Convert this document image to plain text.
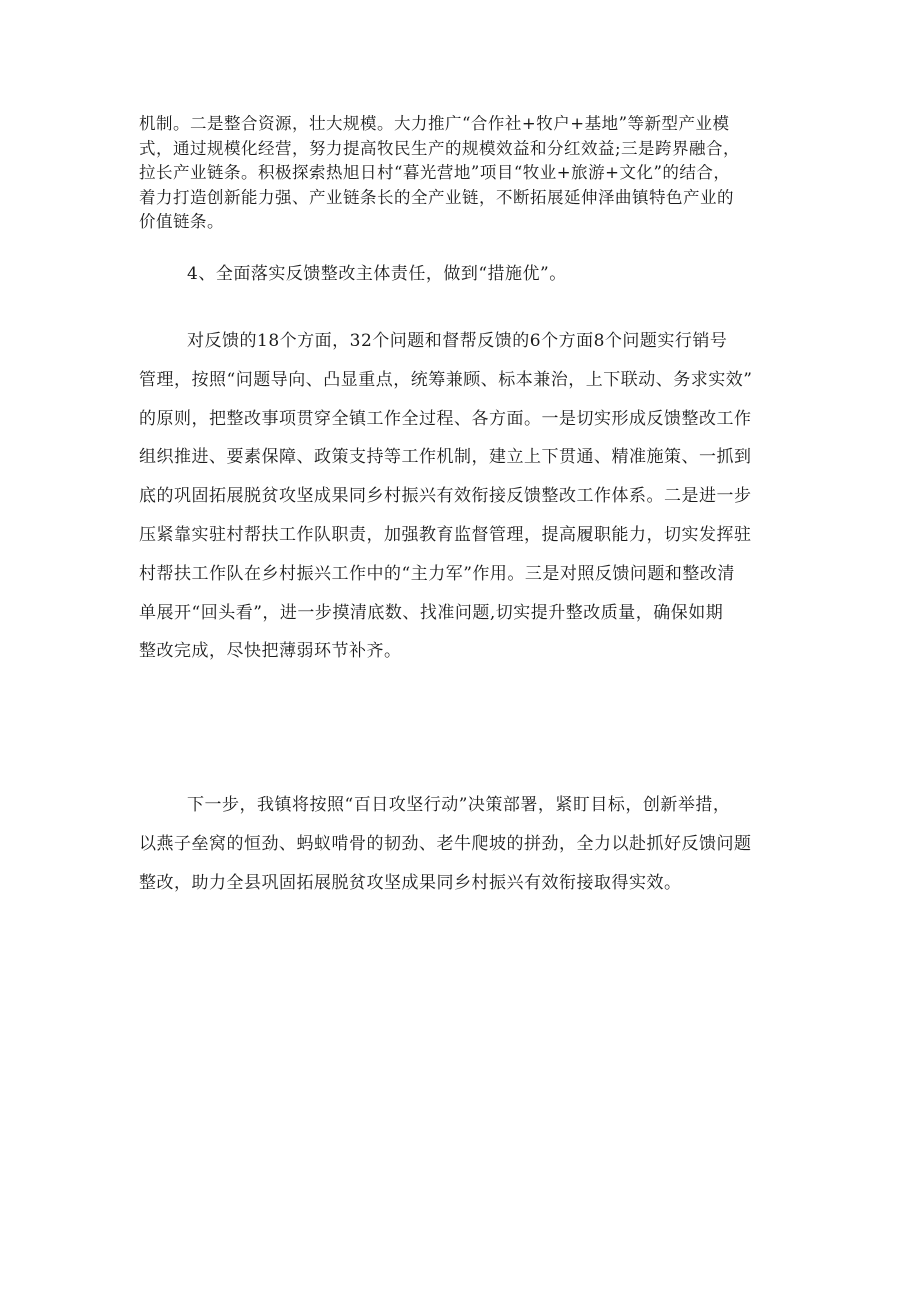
机制。二是整合资源，壮大规模。大力推广“合作社+牧户+基地”等新型产业模
式，通过规模化经营，努力提高牧民生产的规模效益和分红效益;三是跨界融合，
拉长产业链条。积极探索热旭日村“暮光营地”项目“牧业+旅游+文化”的结合，
着力打造创新能力强、产业链条长的全产业链，不断拓展延伸泽曲镇特色产业的
价值链条。

4、全面落实反馈整改主体责任，做到“措施优”。

对反馈的18个方面，32个问题和督帮反馈的6个方面8个问题实行销号
管理，按照“问题导向、凸显重点，统筹兼顾、标本兼治，上下联动、务求实效”
的原则，把整改事项贯穿全镇工作全过程、各方面。一是切实形成反馈整改工作
组织推进、要素保障、政策支持等工作机制，建立上下贯通、精准施策、一抓到
底的巩固拓展脱贫攻坚成果同乡村振兴有效衔接反馈整改工作体系。二是进一步
压紧靠实驻村帮扶工作队职责，加强教育监督管理，提高履职能力，切实发挥驻
村帮扶工作队在乡村振兴工作中的“主力军”作用。三是对照反馈问题和整改清
单展开“回头看”，进一步摸清底数、找准问题,切实提升整改质量，确保如期
整改完成，尽快把薄弱环节补齐。
下一步，我镇将按照“百日攻坚行动”决策部署，紧盯目标，创新举措，
以燕子垒窝的恒劲、蚂蚁啃骨的韧劲、老牛爬坡的拼劲，全力以赴抓好反馈问题
整改，助力全县巩固拓展脱贫攻坚成果同乡村振兴有效衔接取得实效。
